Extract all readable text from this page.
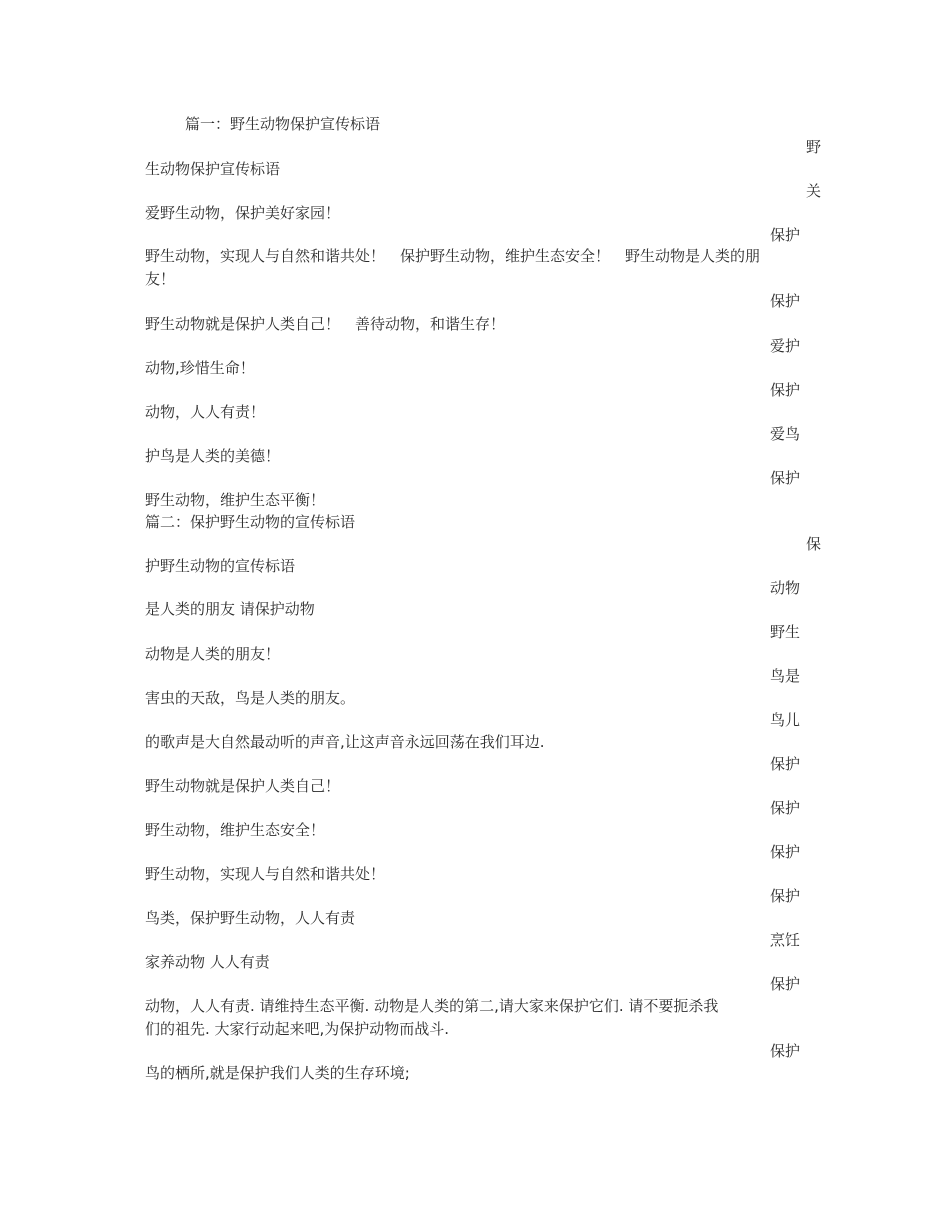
篇一：野生动物保护宣传标语
野
生动物保护宣传标语
关
爱野生动物，保护美好家园！
保护
野生动物，实现人与自然和谐共处！　保护野生动物，维护生态安全！　野生动物是人类的朋
友！
保护
野生动物就是保护人类自己！　善待动物，和谐生存！
爱护
动物,珍惜生命！
保护
动物，人人有责！
爱鸟
护鸟是人类的美德！
保护
野生动物，维护生态平衡！
篇二：保护野生动物的宣传标语
保
护野生动物的宣传标语
动物
是人类的朋友 请保护动物
野生
动物是人类的朋友！
鸟是
害虫的天敌，鸟是人类的朋友。
鸟儿
的歌声是大自然最动听的声音,让这声音永远回荡在我们耳边.
保护
野生动物就是保护人类自己！
保护
野生动物，维护生态安全！
保护
野生动物，实现人与自然和谐共处！
保护
鸟类，保护野生动物，人人有责
烹饪
家养动物 人人有责
保护
动物，人人有责. 请维持生态平衡. 动物是人类的第二,请大家来保护它们. 请不要扼杀我
们的祖先. 大家行动起来吧,为保护动物而战斗.
保护
鸟的栖所,就是保护我们人类的生存环境;
